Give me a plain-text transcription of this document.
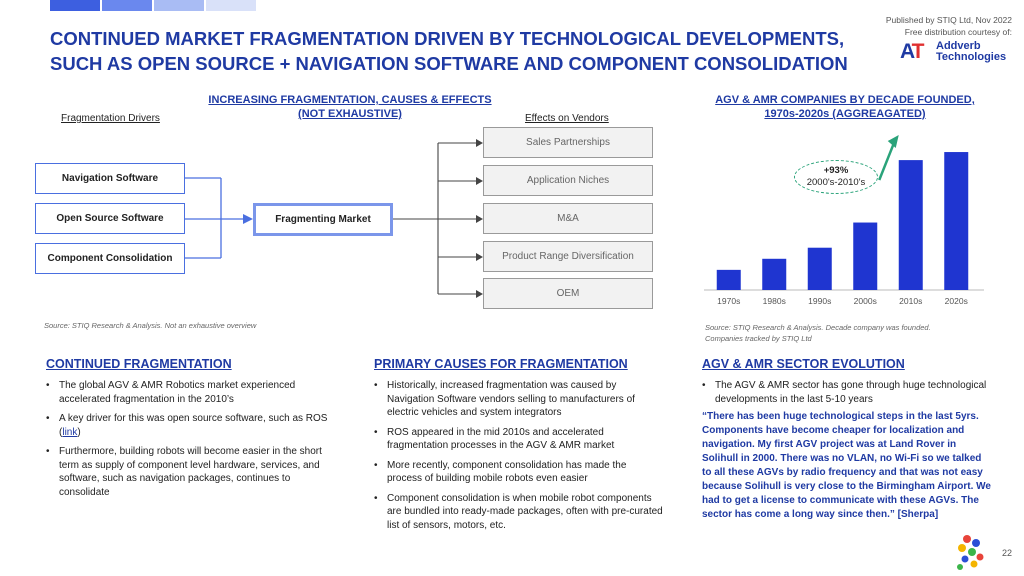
CONTINUED MARKET FRAGMENTATION DRIVEN BY TECHNOLOGICAL DEVELOPMENTS,
SUCH AS OPEN SOURCE + NAVIGATION SOFTWARE AND COMPONENT CONSOLIDATION
Published by STIQ Ltd, Nov 2022
Free distribution courtesy of:
AT Addverb
Technologies
INCREASING FRAGMENTATION, CAUSES & EFFECTS
(NOT EXHAUSTIVE)
Fragmentation Drivers	Effects on Vendors
Navigation Software
Open Source Software
Component Consolidation
Fragmenting Market
Sales Partnerships
Application Niches
M&A
Product Range Diversification
OEM
Source: STIQ Research & Analysis. Not an exhaustive overview
AGV & AMR COMPANIES BY DECADE FOUNDED,
1970s-2020s (AGGREAGATED)
1970s	1980s	1990s	2000s	2010s	2020s
+93%
2000's-2010's
Source: STIQ Research & Analysis. Decade company was founded.
Companies tracked by STIQ Ltd
CONTINUED FRAGMENTATION
• The global AGV & AMR Robotics market experienced accelerated fragmentation in the 2010’s
• A key driver for this was open source software, such as ROS (link)
• Furthermore, building robots will become easier in the short term as supply of component level hardware, services, and software, such as navigation packages, continues to consolidate
PRIMARY CAUSES FOR FRAGMENTATION
• Historically, increased fragmentation was caused by Navigation Software vendors selling to manufacturers of electric vehicles and system integrators
• ROS appeared in the mid 2010s and accelerated fragmentation processes in the AGV & AMR market
• More recently, component consolidation has made the process of building mobile robots even easier
• Component consolidation is when mobile robot components are bundled into ready-made packages, often with pre-curated list of sensors, motors, etc.
AGV & AMR SECTOR EVOLUTION
• The AGV & AMR sector has gone through huge technological developments in the last 5-10 years
“There has been huge technological steps in the last 5yrs. Components have become cheaper for localization and navigation. My first AGV project was at Land Rover in Solihull in 2000. There was no VLAN, no Wi-Fi so we talked to all these AGVs by radio frequency and that was not easy because Solihull is very close to the Birmingham Airport. We had to get a license to communicate with these AGVs. The sector has come a long way since then.” [Sherpa]
22
